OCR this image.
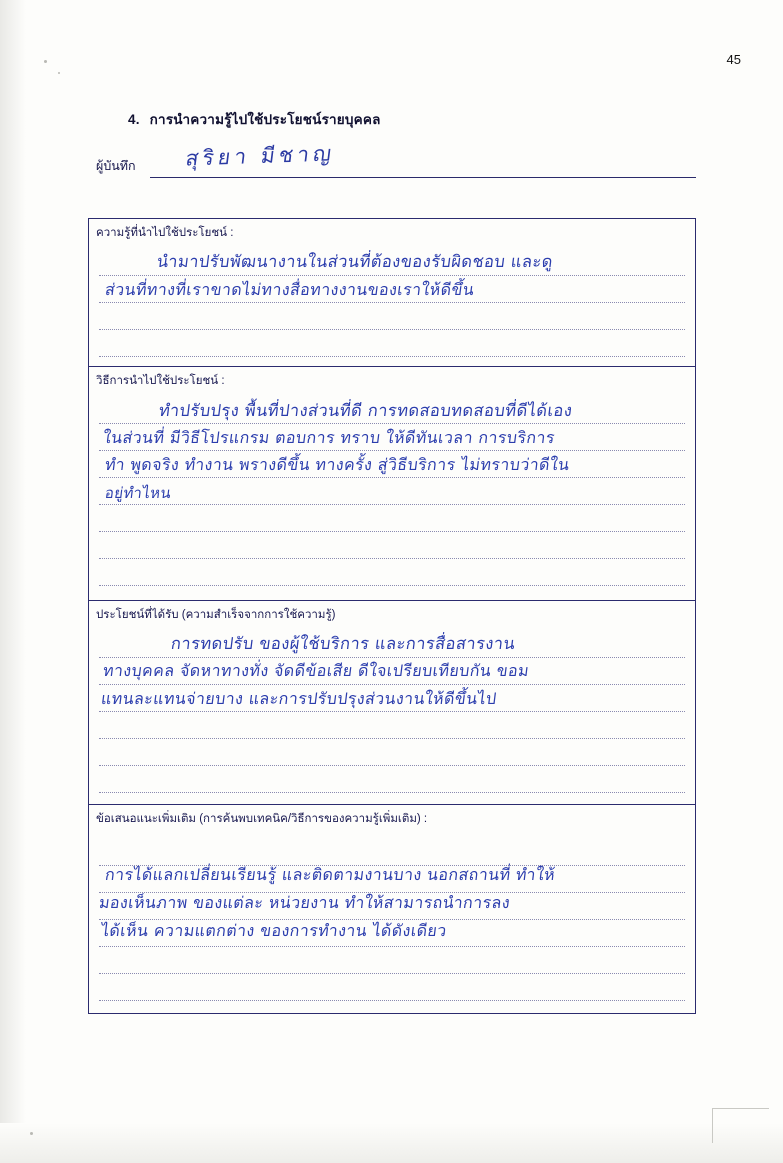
45
4. การนำความรู้ไปใช้ประโยชน์รายบุคคล
ผู้บันทึก สุริยา มีชาญ
ความรู้ที่นำไปใช้ประโยชน์ :
นำมาปรับพัฒนางานในส่วนที่ต้องของรับผิดชอบ และดู
ส่วนที่ทางที่เราขาดไม่ทางสื่อทางงานของเราให้ดีขึ้น
วิธีการนำไปใช้ประโยชน์ :
ทำปรับปรุง พื้นที่ปางส่วนที่ดี การทดสอบทดสอบที่ดีได้เอง
ในส่วนที่ มีวิธีโปรแกรม ตอบการ ทราบ ให้ดีทันเวลา การบริการ
ทำ พูดจริง ทำงาน พรางดีขึ้น ทางครั้ง สู่วิธีบริการ ไม่ทราบว่าดีใน
อยู่ทำไหน
ประโยชน์ที่ได้รับ (ความสำเร็จจากการใช้ความรู้)
การทดปรับ ของผู้ใช้บริการ และการสื่อสารงาน
ทางบุคคล จัดหาทางทั่ง จัดดีข้อเสีย ดีใจเปรียบเทียบกัน ขอม
แทนละแทนจ่ายบาง และการปรับปรุงส่วนงานให้ดีขึ้นไป
ข้อเสนอแนะเพิ่มเติม (การค้นพบเทคนิค/วิธีการของความรู้เพิ่มเติม) :
การได้แลกเปลี่ยนเรียนรู้ และติดตามงานบาง นอกสถานที่ ทำให้
มองเห็นภาพ ของแต่ละ หน่วยงาน ทำให้สามารถนำการลง
ได้เห็น ความแตกต่าง ของการทำงาน ได้ดังเดียว
